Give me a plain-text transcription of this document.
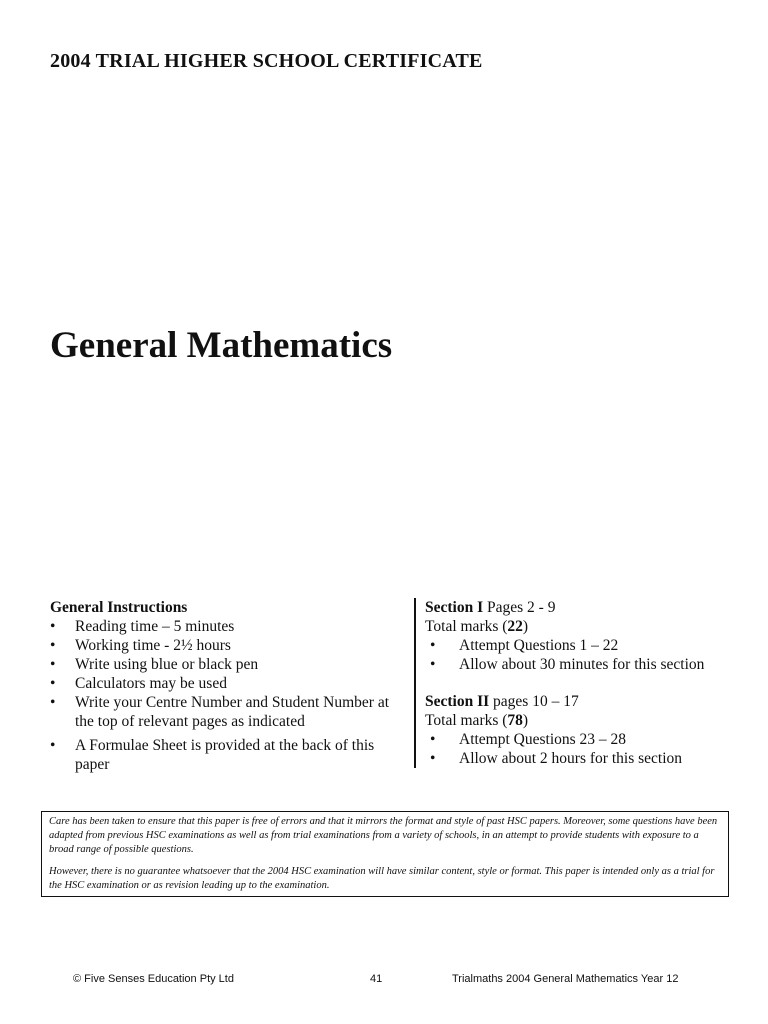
2004 TRIAL HIGHER SCHOOL CERTIFICATE
General Mathematics
General Instructions
• Reading time – 5 minutes
• Working time - 2½ hours
• Write using blue or black pen
• Calculators may be used
• Write your Centre Number and Student Number at the top of relevant pages as indicated
• A Formulae Sheet is provided at the back of this paper
Section I Pages 2 - 9
Total marks (22)
• Attempt Questions 1 – 22
• Allow about 30 minutes for this section
Section II pages 10 – 17
Total marks (78)
• Attempt Questions 23 – 28
• Allow about 2 hours for this section

Care has been taken to ensure that this paper is free of errors and that it mirrors the format and style of past HSC papers. Moreover, some questions have been adapted from previous HSC examinations as well as from trial examinations from a variety of schools, in an attempt to provide students with exposure to a broad range of possible questions.

However, there is no guarantee whatsoever that the 2004 HSC examination will have similar content, style or format. This paper is intended only as a trial for the HSC examination or as revision leading up to the examination.

© Five Senses Education Pty Ltd	41	Trialmaths 2004 General Mathematics Year 12
